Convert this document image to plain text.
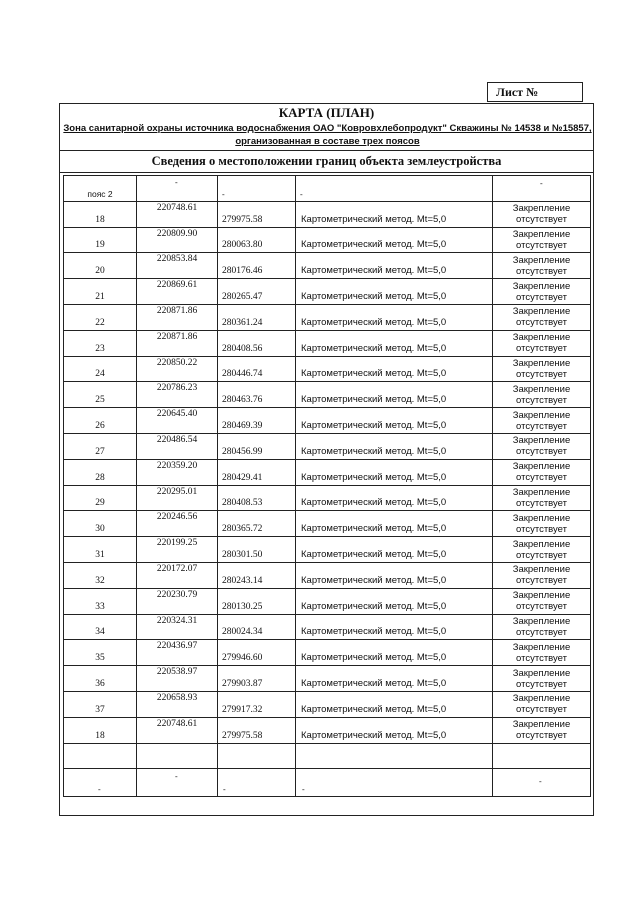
Лист №
КАРТА (ПЛАН)
Зона санитарной охраны источника водоснабжения ОАО "Ковровхлебопродукт" Скважины № 14538 и №15857, организованная в составе трех поясов
Сведения о местоположении границ объекта землеустройства
пояс 2	-	-	-	-

18	220748.61	279975.58	Картометрический метод. Mt=5,0	Закрепление отсутствует
19	220809.90	280063.80	Картометрический метод. Mt=5,0	Закрепление отсутствует
20	220853.84	280176.46	Картометрический метод. Mt=5,0	Закрепление отсутствует
21	220869.61	280265.47	Картометрический метод. Mt=5,0	Закрепление отсутствует
22	220871.86	280361.24	Картометрический метод. Mt=5,0	Закрепление отсутствует
23	220871.86	280408.56	Картометрический метод. Mt=5,0	Закрепление отсутствует
24	220850.22	280446.74	Картометрический метод. Mt=5,0	Закрепление отсутствует
25	220786.23	280463.76	Картометрический метод. Mt=5,0	Закрепление отсутствует
26	220645.40	280469.39	Картометрический метод. Mt=5,0	Закрепление отсутствует
27	220486.54	280456.99	Картометрический метод. Mt=5,0	Закрепление отсутствует
28	220359.20	280429.41	Картометрический метод. Mt=5,0	Закрепление отсутствует
29	220295.01	280408.53	Картометрический метод. Mt=5,0	Закрепление отсутствует
30	220246.56	280365.72	Картометрический метод. Mt=5,0	Закрепление отсутствует
31	220199.25	280301.50	Картометрический метод. Mt=5,0	Закрепление отсутствует
32	220172.07	280243.14	Картометрический метод. Mt=5,0	Закрепление отсутствует
33	220230.79	280130.25	Картометрический метод. Mt=5,0	Закрепление отсутствует
34	220324.31	280024.34	Картометрический метод. Mt=5,0	Закрепление отсутствует
35	220436.97	279946.60	Картометрический метод. Mt=5,0	Закрепление отсутствует
36	220538.97	279903.87	Картометрический метод. Mt=5,0	Закрепление отсутствует
37	220658.93	279917.32	Картометрический метод. Mt=5,0	Закрепление отсутствует
18	220748.61	279975.58	Картометрический метод. Mt=5,0	Закрепление отсутствует

-	-	-	-	-
